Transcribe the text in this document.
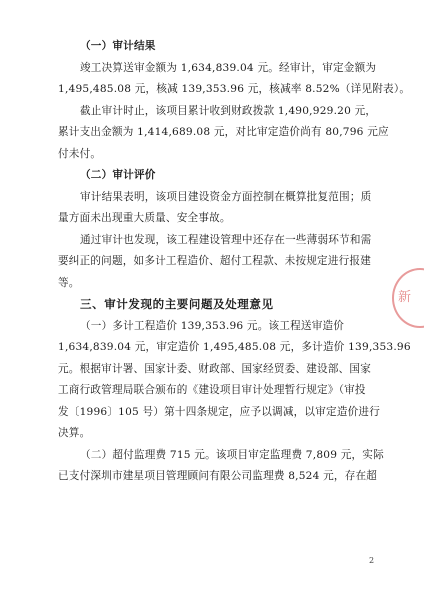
（一）审计结果
竣工决算送审金额为 1,634,839.04 元。经审计，审定金额为
1,495,485.08 元，核减 139,353.96 元，核减率 8.52%（详见附表）。
截止审计时止，该项目累计收到财政拨款 1,490,929.20 元，
累计支出金额为 1,414,689.08 元，对比审定造价尚有 80,796 元应
付未付。
（二）审计评价
审计结果表明，该项目建设资金方面控制在概算批复范围；质
量方面未出现重大质量、安全事故。
通过审计也发现，该工程建设管理中还存在一些薄弱环节和需
要纠正的问题，如多计工程造价、超付工程款、未按规定进行报建
等。
三、审计发现的主要问题及处理意见
（一）多计工程造价 139,353.96 元。该工程送审造价
1,634,839.04 元，审定造价 1,495,485.08 元，多计造价 139,353.96
元。根据审计署、国家计委、财政部、国家经贸委、建设部、国家
工商行政管理局联合颁布的《建设项目审计处理暂行规定》（审投
发〔1996〕105 号）第十四条规定，应予以调减，以审定造价进行
决算。
（二）超付监理费 715 元。该项目审定监理费 7,809 元，实际
已支付深圳市建星项目管理顾问有限公司监理费 8,524 元，存在超
新
2
